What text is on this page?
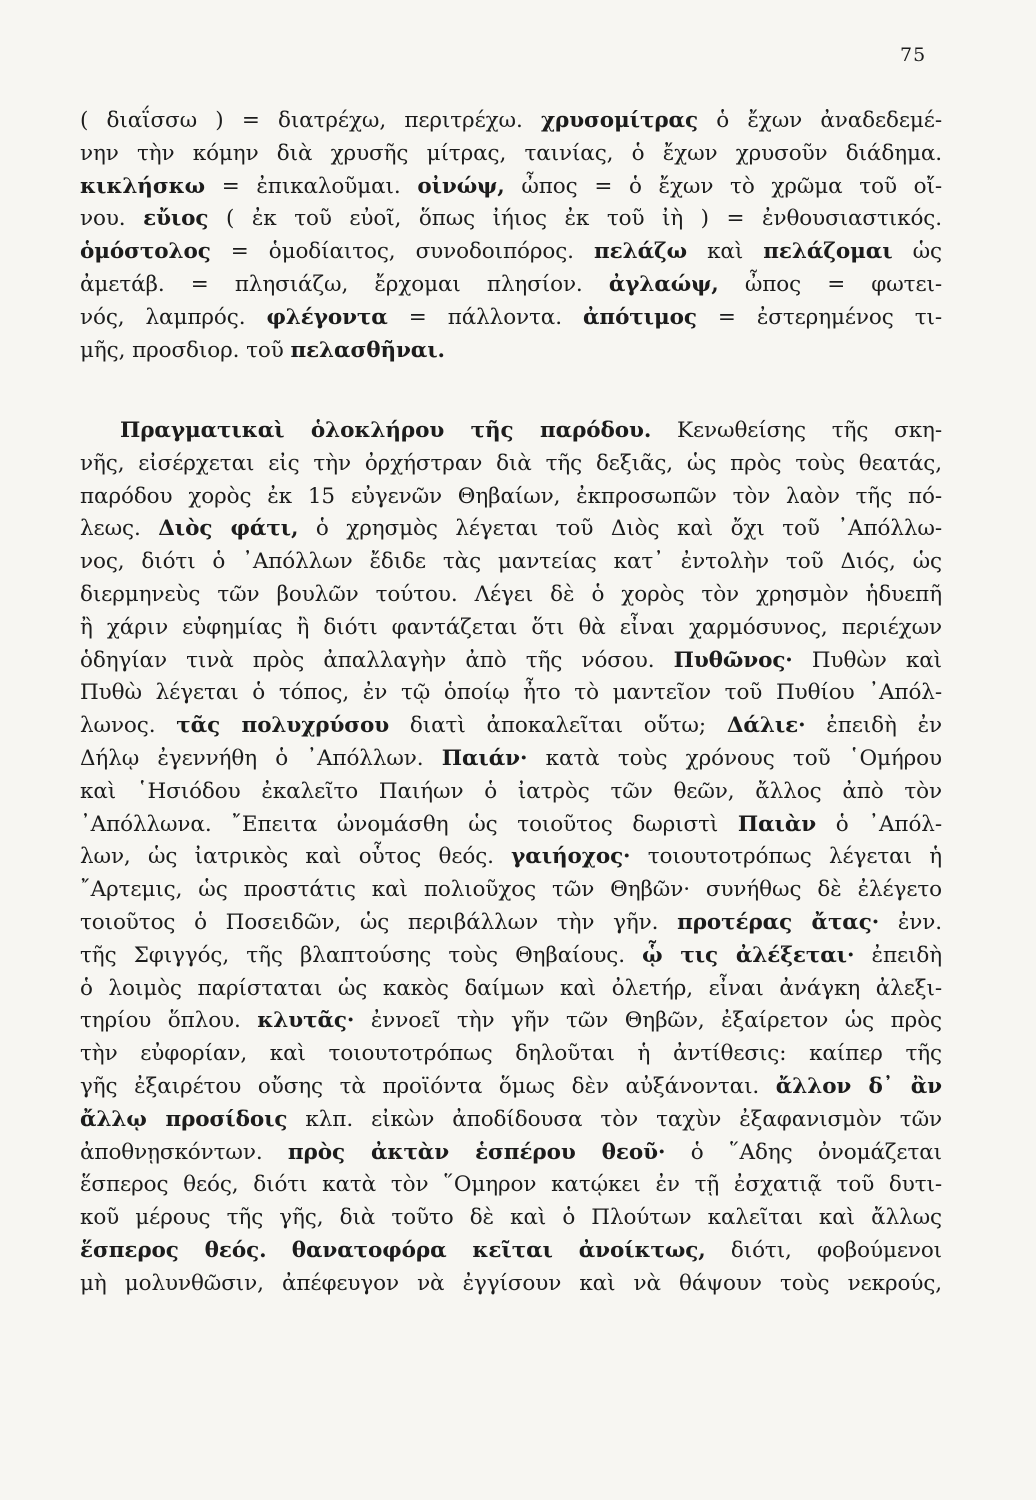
75
( διαΐσσω ) = διατρέχω, περιτρέχω. χρυσομίτρας ὁ ἔχων ἀναδεδεμέ-
νην τὴν κόμην διὰ χρυσῆς μίτρας, ταινίας, ὁ ἔχων χρυσοῦν διάδημα.
κικλήσκω = ἐπικαλοῦμαι. οἰνώψ, ὦπος = ὁ ἔχων τὸ χρῶμα τοῦ οἴ-
νου. εὔιος ( ἐκ τοῦ εὐοῖ, ὅπως ἰήιος ἐκ τοῦ ἰὴ ) = ἐνθουσιαστικός.
ὁμόστολος = ὁμοδίαιτος, συνοδοιπόρος. πελάζω καὶ πελάζομαι ὡς
ἀμετάβ. = πλησιάζω, ἔρχομαι πλησίον. ἀγλαώψ, ὦπος = φωτει-
νός, λαμπρός. φλέγοντα = πάλλοντα. ἀπότιμος = ἐστερημένος τι-
μῆς, προσδιορ. τοῦ πελασθῆναι.
Πραγματικαὶ ὁλοκλήρου τῆς παρόδου. Κενωθείσης τῆς σκη-
νῆς, εἰσέρχεται εἰς τὴν ὀρχήστραν διὰ τῆς δεξιᾶς, ὡς πρὸς τοὺς θεατάς,
παρόδου χορὸς ἐκ 15 εὐγενῶν Θηβαίων, ἐκπροσωπῶν τὸν λαὸν τῆς πό-
λεως. Διὸς φάτι, ὁ χρησμὸς λέγεται τοῦ Διὸς καὶ ὄχι τοῦ ᾿Απόλλω-
νος, διότι ὁ ᾿Απόλλων ἔδιδε τὰς μαντείας κατ᾿ ἐντολὴν τοῦ Διός, ὡς
διερμηνεὺς τῶν βουλῶν τούτου. Λέγει δὲ ὁ χορὸς τὸν χρησμὸν ἡδυεπῆ
ἢ χάριν εὐφημίας ἢ διότι φαντάζεται ὅτι θὰ εἶναι χαρμόσυνος, περιέχων
ὁδηγίαν τινὰ πρὸς ἀπαλλαγὴν ἀπὸ τῆς νόσου. Πυθῶνος· Πυθὼν καὶ
Πυθὼ λέγεται ὁ τόπος, ἐν τῷ ὁποίῳ ἦτο τὸ μαντεῖον τοῦ Πυθίου ᾿Απόλ-
λωνος. τᾶς πολυχρύσου διατὶ ἀποκαλεῖται οὕτω; Δάλιε· ἐπειδὴ ἐν
Δήλῳ ἐγεννήθη ὁ ᾿Απόλλων. Παιάν· κατὰ τοὺς χρόνους τοῦ ῾Ομήρου
καὶ ῾Ησιόδου ἐκαλεῖτο Παιήων ὁ ἰατρὸς τῶν θεῶν, ἄλλος ἀπὸ τὸν
᾿Απόλλωνα. ῎Επειτα ὠνομάσθη ὡς τοιοῦτος δωριστὶ Παιὰν ὁ ᾿Απόλ-
λων, ὡς ἰατρικὸς καὶ οὗτος θεός. γαιήοχος· τοιουτοτρόπως λέγεται ἡ
῎Αρτεμις, ὡς προστάτις καὶ πολιοῦχος τῶν Θηβῶν· συνήθως δὲ ἐλέγετο
τοιοῦτος ὁ Ποσειδῶν, ὡς περιβάλλων τὴν γῆν. προτέρας ἄτας· ἐνν.
τῆς Σφιγγός, τῆς βλαπτούσης τοὺς Θηβαίους. ᾧ τις ἀλέξεται· ἐπειδὴ
ὁ λοιμὸς παρίσταται ὡς κακὸς δαίμων καὶ ὀλετήρ, εἶναι ἀνάγκη ἀλεξι-
τηρίου ὅπλου. κλυτᾶς· ἐννοεῖ τὴν γῆν τῶν Θηβῶν, ἐξαίρετον ὡς πρὸς
τὴν εὐφορίαν, καὶ τοιουτοτρόπως δηλοῦται ἡ ἀντίθεσις: καίπερ τῆς
γῆς ἐξαιρέτου οὔσης τὰ προϊόντα ὅμως δὲν αὐξάνονται. ἄλλον δ᾿ ἂν
ἄλλῳ προσίδοις κλπ. εἰκὼν ἀποδίδουσα τὸν ταχὺν ἐξαφανισμὸν τῶν
ἀποθνῃσκόντων. πρὸς ἀκτὰν ἑσπέρου θεοῦ· ὁ ῞Αδης ὀνομάζεται
ἕσπερος θεός, διότι κατὰ τὸν ῞Ομηρον κατῴκει ἐν τῇ ἐσχατιᾷ τοῦ δυτι-
κοῦ μέρους τῆς γῆς, διὰ τοῦτο δὲ καὶ ὁ Πλούτων καλεῖται καὶ ἄλλως
ἕσπερος θεός. θανατοφόρα κεῖται ἀνοίκτως, διότι, φοβούμενοι
μὴ μολυνθῶσιν, ἀπέφευγον νὰ ἐγγίσουν καὶ νὰ θάψουν τοὺς νεκρούς,
